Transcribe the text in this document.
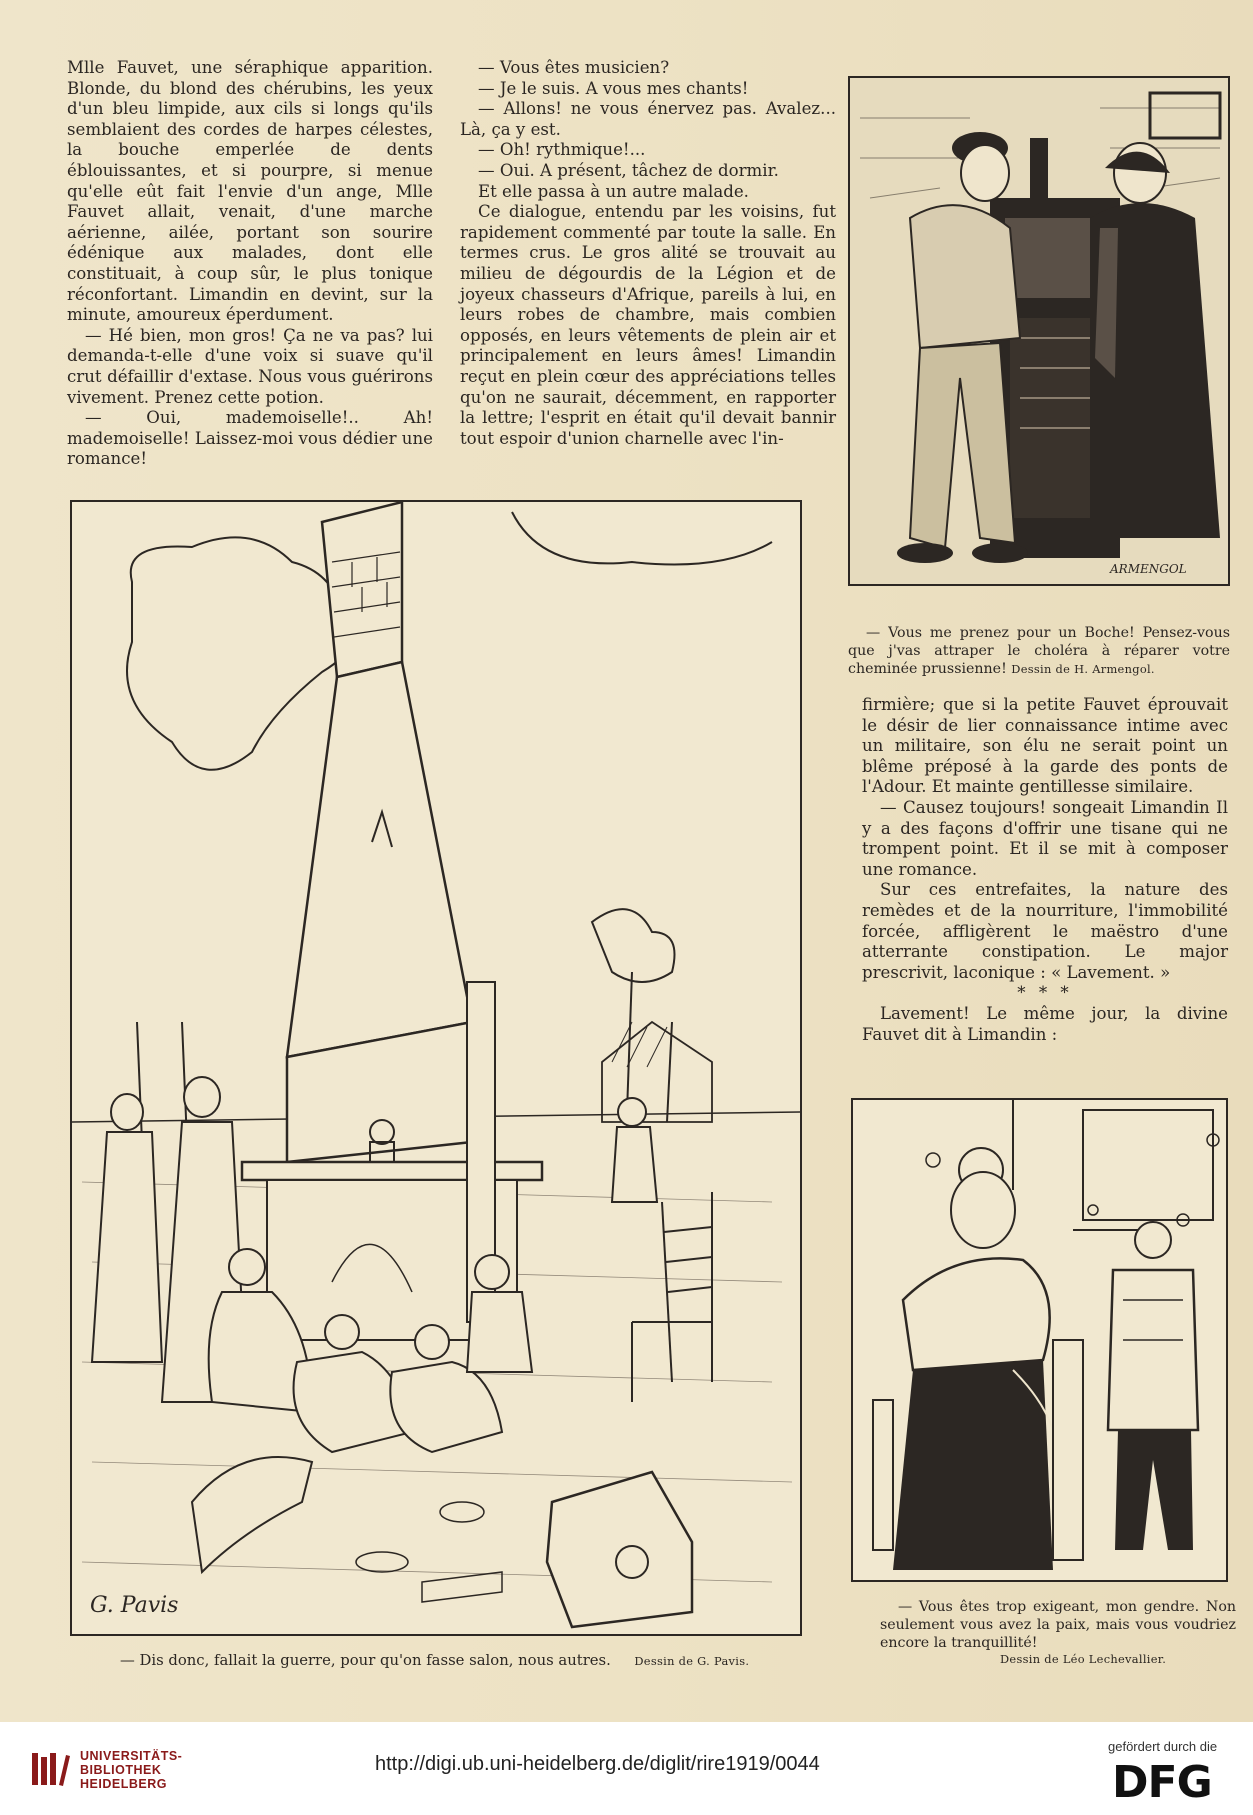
Mlle Fauvet, une séraphique apparition. Blonde, du blond des chérubins, les yeux d'un bleu limpide, aux cils si longs qu'ils semblaient des cordes de harpes célestes, la bouche emperlée de dents éblouissantes, et si pourpre, si menue qu'elle eût fait l'envie d'un ange, Mlle Fauvet allait, venait, d'une marche aérienne, ailée, portant son sourire édénique aux malades, dont elle constituait, à coup sûr, le plus tonique réconfortant. Limandin en devint, sur la minute, amoureux éperdument.

— Hé bien, mon gros! Ça ne va pas? lui demanda-t-elle d'une voix si suave qu'il crut défaillir d'extase. Nous vous guérirons vivement. Prenez cette potion.

— Oui, mademoiselle!.. Ah! mademoiselle! Laissez-moi vous dédier une romance!

— Vous êtes musicien?

— Je le suis. A vous mes chants!

— Allons! ne vous énervez pas. Avalez... Là, ça y est.

— Oh! rythmique!...

— Oui. A présent, tâchez de dormir.

Et elle passa à un autre malade.

Ce dialogue, entendu par les voisins, fut rapidement commenté par toute la salle. En termes crus. Le gros alité se trouvait au milieu de dégourdis de la Légion et de joyeux chasseurs d'Afrique, pareils à lui, en leurs robes de chambre, mais combien opposés, en leurs vêtements de plein air et principalement en leurs âmes! Limandin reçut en plein cœur des appréciations telles qu'on ne saurait, décemment, en rapporter la lettre; l'esprit en était qu'il devait bannir tout espoir d'union charnelle avec l'in-

ARMENGOL
— Vous me prenez pour un Boche! Pensez-vous que j'vas attraper le choléra à réparer votre cheminée prussienne! Dessin de H. Armengol.
G. Pavis
— Dis donc, fallait la guerre, pour qu'on fasse salon, nous autres. Dessin de G. Pavis.

firmière; que si la petite Fauvet éprouvait le désir de lier connaissance intime avec un militaire, son élu ne serait point un blême préposé à la garde des ponts de l'Adour. Et mainte gentillesse similaire.

— Causez toujours! songeait Limandin Il y a des façons d'offrir une tisane qui ne trompent point. Et il se mit à composer une romance.

Sur ces entrefaites, la nature des remèdes et de la nourriture, l'immobilité forcée, affligèrent le maëstro d'une atterrante constipation. Le major prescrivit, laconique : « Lavement. »

* * *

Lavement! Le même jour, la divine Fauvet dit à Limandin :

— Vous êtes trop exigeant, mon gendre. Non seulement vous avez la paix, mais vous voudriez encore la tranquillité!
Dessin de Léo Lechevallier.
UNIVERSITÄTS-
BIBLIOTHEK
HEIDELBERG
http://digi.ub.uni-heidelberg.de/diglit/rire1919/0044
gefördert durch die
DFG
